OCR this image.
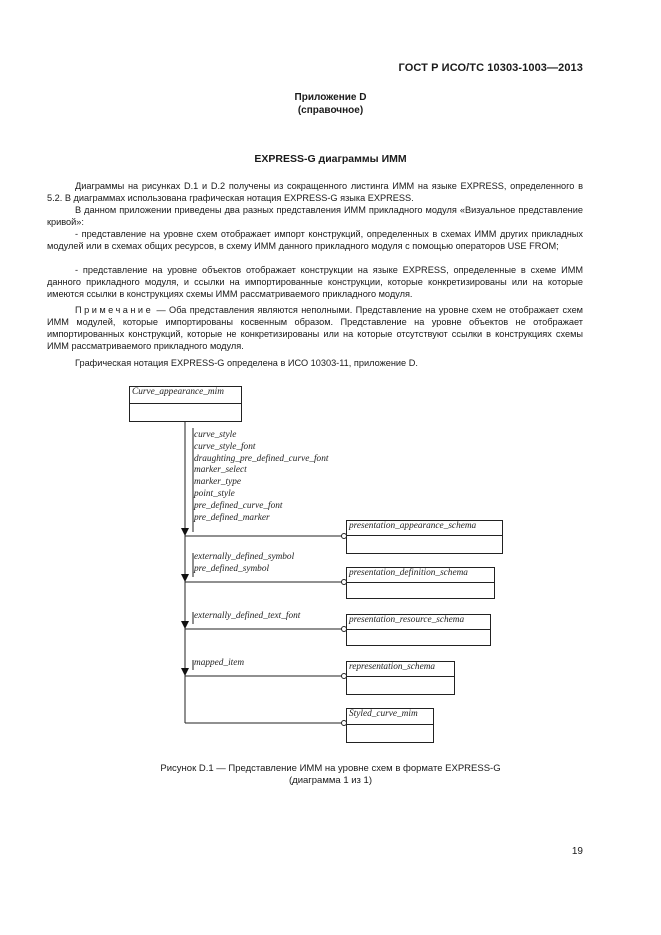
ГОСТ Р ИСО/ТС 10303-1003—2013
Приложение D
(справочное)
EXPRESS-G диаграммы ИММ
Диаграммы на рисунках D.1 и D.2 получены из сокращенного листинга ИММ на языке EXPRESS, определенного в 5.2. В диаграммах использована графическая нотация EXPRESS-G языка EXPRESS.
В данном приложении приведены два разных представления ИММ прикладного модуля «Визуальное представление кривой»:
- представление на уровне схем отображает импорт конструкций, определенных в схемах ИММ других прикладных модулей или в схемах общих ресурсов, в схему ИММ данного прикладного модуля с помощью операторов USE FROM;
- представление на уровне объектов отображает конструкции на языке EXPRESS, определенные в схеме ИММ данного прикладного модуля, и ссылки на импортированные конструкции, которые конкретизированы или на которые имеются ссылки в конструкциях схемы ИММ рассматриваемого прикладного модуля.
Примечание — Оба представления являются неполными. Представление на уровне схем не отображает схем ИММ модулей, которые импортированы косвенным образом. Представление на уровне объектов не отображает импортированных конструкций, которые не конкретизированы или на которые отсутствуют ссылки в конструкциях схемы ИММ рассматриваемого прикладного модуля.
Графическая нотация EXPRESS-G определена в ИСО 10303-11, приложение D.
Curve_appearance_mim
curve_style
curve_style_font
draughting_pre_defined_curve_font
marker_select
marker_type
point_style
pre_defined_curve_font
pre_defined_marker
presentation_appearance_schema
externally_defined_symbol
pre_defined_symbol	presentation_definition_schema
externally_defined_text_font	presentation_resource_schema
mapped_item	representation_schema
Styled_curve_mim
Рисунок D.1 — Представление ИММ на уровне схем в формате EXPRESS-G
(диаграмма 1 из 1)
19
